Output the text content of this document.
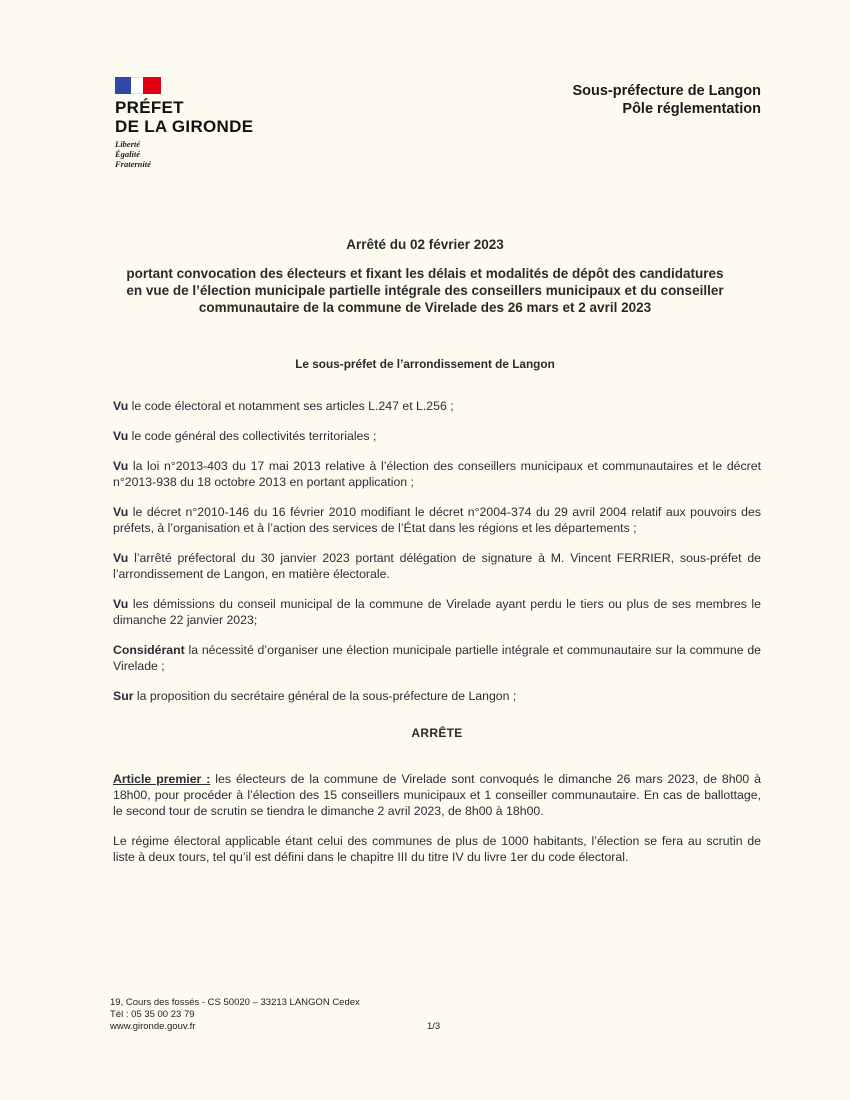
PRÉFET
DE LA GIRONDE
Liberté
Égalité
Fraternité
Sous-préfecture de Langon
Pôle réglementation
Arrêté du 02 février 2023
portant convocation des électeurs et fixant les délais et modalités de dépôt des candidatures en vue de l’élection municipale partielle intégrale des conseillers municipaux et du conseiller communautaire de la commune de Virelade des 26 mars et 2 avril 2023
Le sous-préfet de l’arrondissement de Langon

Vu le code électoral et notamment ses articles L.247 et L.256 ;

Vu le code général des collectivités territoriales ;

Vu la loi n°2013-403 du 17 mai 2013 relative à l’élection des conseillers municipaux et communautaires et le décret n°2013-938 du 18 octobre 2013 en portant application ;

Vu le décret n°2010-146 du 16 février 2010 modifiant le décret n°2004-374 du 29 avril 2004 relatif aux pouvoirs des préfets, à l’organisation et à l’action des services de l’État dans les régions et les départements ;

Vu l’arrêté préfectoral du 30 janvier 2023 portant délégation de signature à M. Vincent FERRIER, sous-préfet de l’arrondissement de Langon, en matière électorale.

Vu les démissions du conseil municipal de la commune de Virelade ayant perdu le tiers ou plus de ses membres le dimanche 22 janvier 2023;

Considérant la nécessité d’organiser une élection municipale partielle intégrale et communautaire sur la commune de Virelade ;

Sur la proposition du secrétaire général de la sous-préfecture de Langon ;

ARRÊTE

Article premier : les électeurs de la commune de Virelade sont convoqués le dimanche 26 mars 2023, de 8h00 à 18h00, pour procéder à l’élection des 15 conseillers municipaux et 1 conseiller communautaire. En cas de ballottage, le second tour de scrutin se tiendra le dimanche 2 avril 2023, de 8h00 à 18h00.

Le régime électoral applicable étant celui des communes de plus de 1000 habitants, l’élection se fera au scrutin de liste à deux tours, tel qu’il est défini dans le chapitre III du titre IV du livre 1er du code électoral.

19, Cours des fossés - CS 50020 – 33213 LANGON Cedex
Tél : 05 35 00 23 79
www.gironde.gouv.fr	1/3
